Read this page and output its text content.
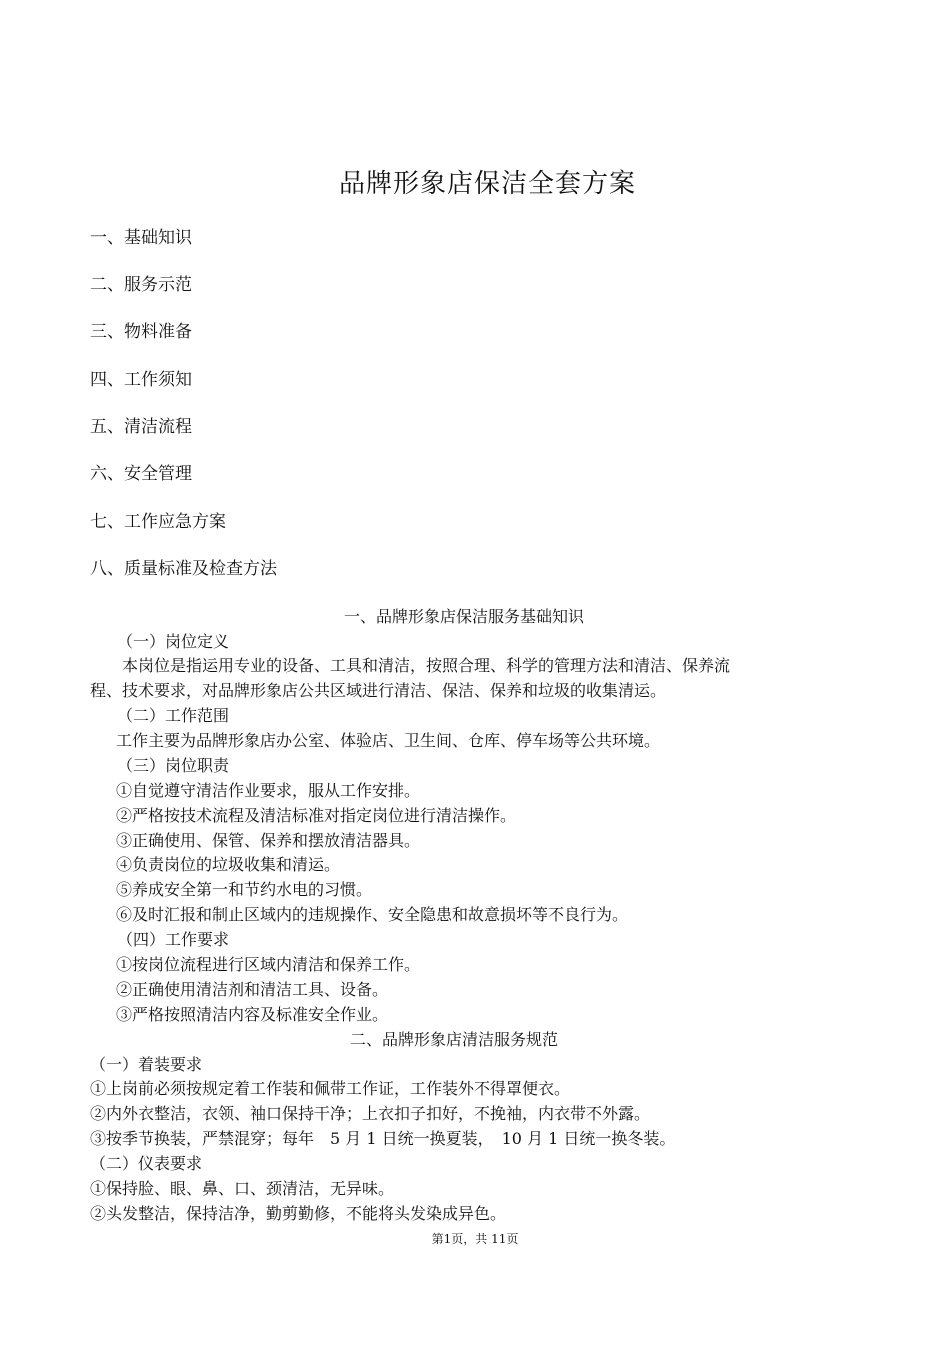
品牌形象店保洁全套方案
一、基础知识
二、服务示范
三、物料准备
四、工作须知
五、清洁流程
六、安全管理
七、工作应急方案
八、质量标准及检查方法
一、品牌形象店保洁服务基础知识
（一）岗位定义
本岗位是指运用专业的设备、工具和清洁，按照合理、科学的管理方法和清洁、保养流
程、技术要求，对品牌形象店公共区域进行清洁、保洁、保养和垃圾的收集清运。
（二）工作范围
工作主要为品牌形象店办公室、体验店、卫生间、仓库、停车场等公共环境。
（三）岗位职责
①自觉遵守清洁作业要求，服从工作安排。
②严格按技术流程及清洁标准对指定岗位进行清洁操作。
③正确使用、保管、保养和摆放清洁器具。
④负责岗位的垃圾收集和清运。
⑤养成安全第一和节约水电的习惯。
⑥及时汇报和制止区域内的违规操作、安全隐患和故意损坏等不良行为。
（四）工作要求
①按岗位流程进行区域内清洁和保养工作。
②正确使用清洁剂和清洁工具、设备。
③严格按照清洁内容及标准安全作业。
二、品牌形象店清洁服务规范
（一）着装要求
①上岗前必须按规定着工作装和佩带工作证，工作装外不得罩便衣。
②内外衣整洁，衣领、袖口保持干净；上衣扣子扣好，不挽袖，内衣带不外露。
③按季节换装，严禁混穿；每年　5 月 1 日统一换夏装，　10 月 1 日统一换冬装。
（二）仪表要求
①保持脸、眼、鼻、口、颈清洁，无异味。
②头发整洁，保持洁净，勤剪勤修，不能将头发染成异色。
第1页，共 11页
